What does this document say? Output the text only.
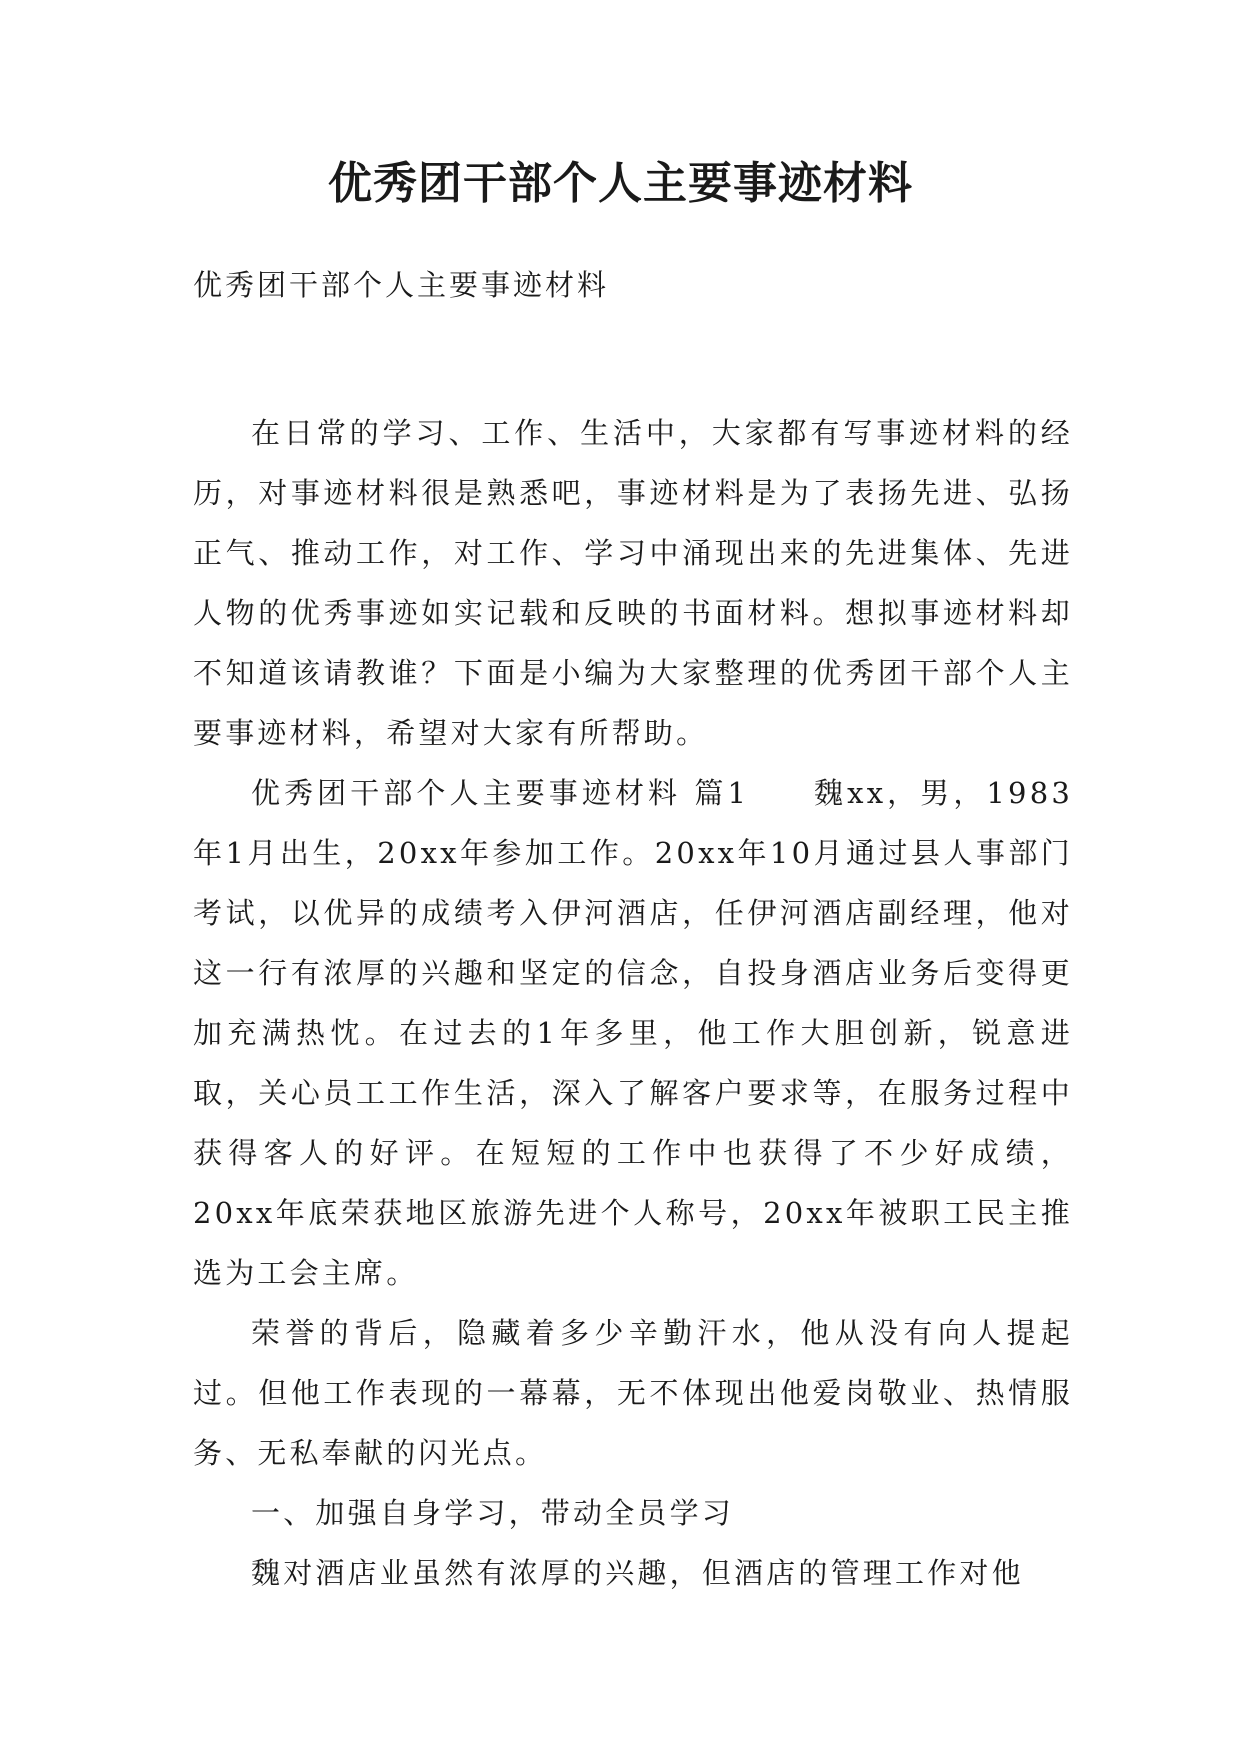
优秀团干部个人主要事迹材料
优秀团干部个人主要事迹材料

在日常的学习、工作、生活中，大家都有写事迹材料的经历，对事迹材料很是熟悉吧，事迹材料是为了表扬先进、弘扬正气、推动工作，对工作、学习中涌现出来的先进集体、先进人物的优秀事迹如实记载和反映的书面材料。想拟事迹材料却不知道该请教谁？下面是小编为大家整理的优秀团干部个人主要事迹材料，希望对大家有所帮助。

优秀团干部个人主要事迹材料 篇1 魏xx，男，1983年1月出生，20xx年参加工作。20xx年10月通过县人事部门考试，以优异的成绩考入伊河酒店，任伊河酒店副经理，他对这一行有浓厚的兴趣和坚定的信念，自投身酒店业务后变得更加充满热忱。在过去的1年多里，他工作大胆创新，锐意进取，关心员工工作生活，深入了解客户要求等，在服务过程中获得客人的好评。在短短的工作中也获得了不少好成绩，20xx年底荣获地区旅游先进个人称号，20xx年被职工民主推选为工会主席。

荣誉的背后，隐藏着多少辛勤汗水，他从没有向人提起过。但他工作表现的一幕幕，无不体现出他爱岗敬业、热情服务、无私奉献的闪光点。

一、加强自身学习，带动全员学习

魏对酒店业虽然有浓厚的兴趣，但酒店的管理工作对他
